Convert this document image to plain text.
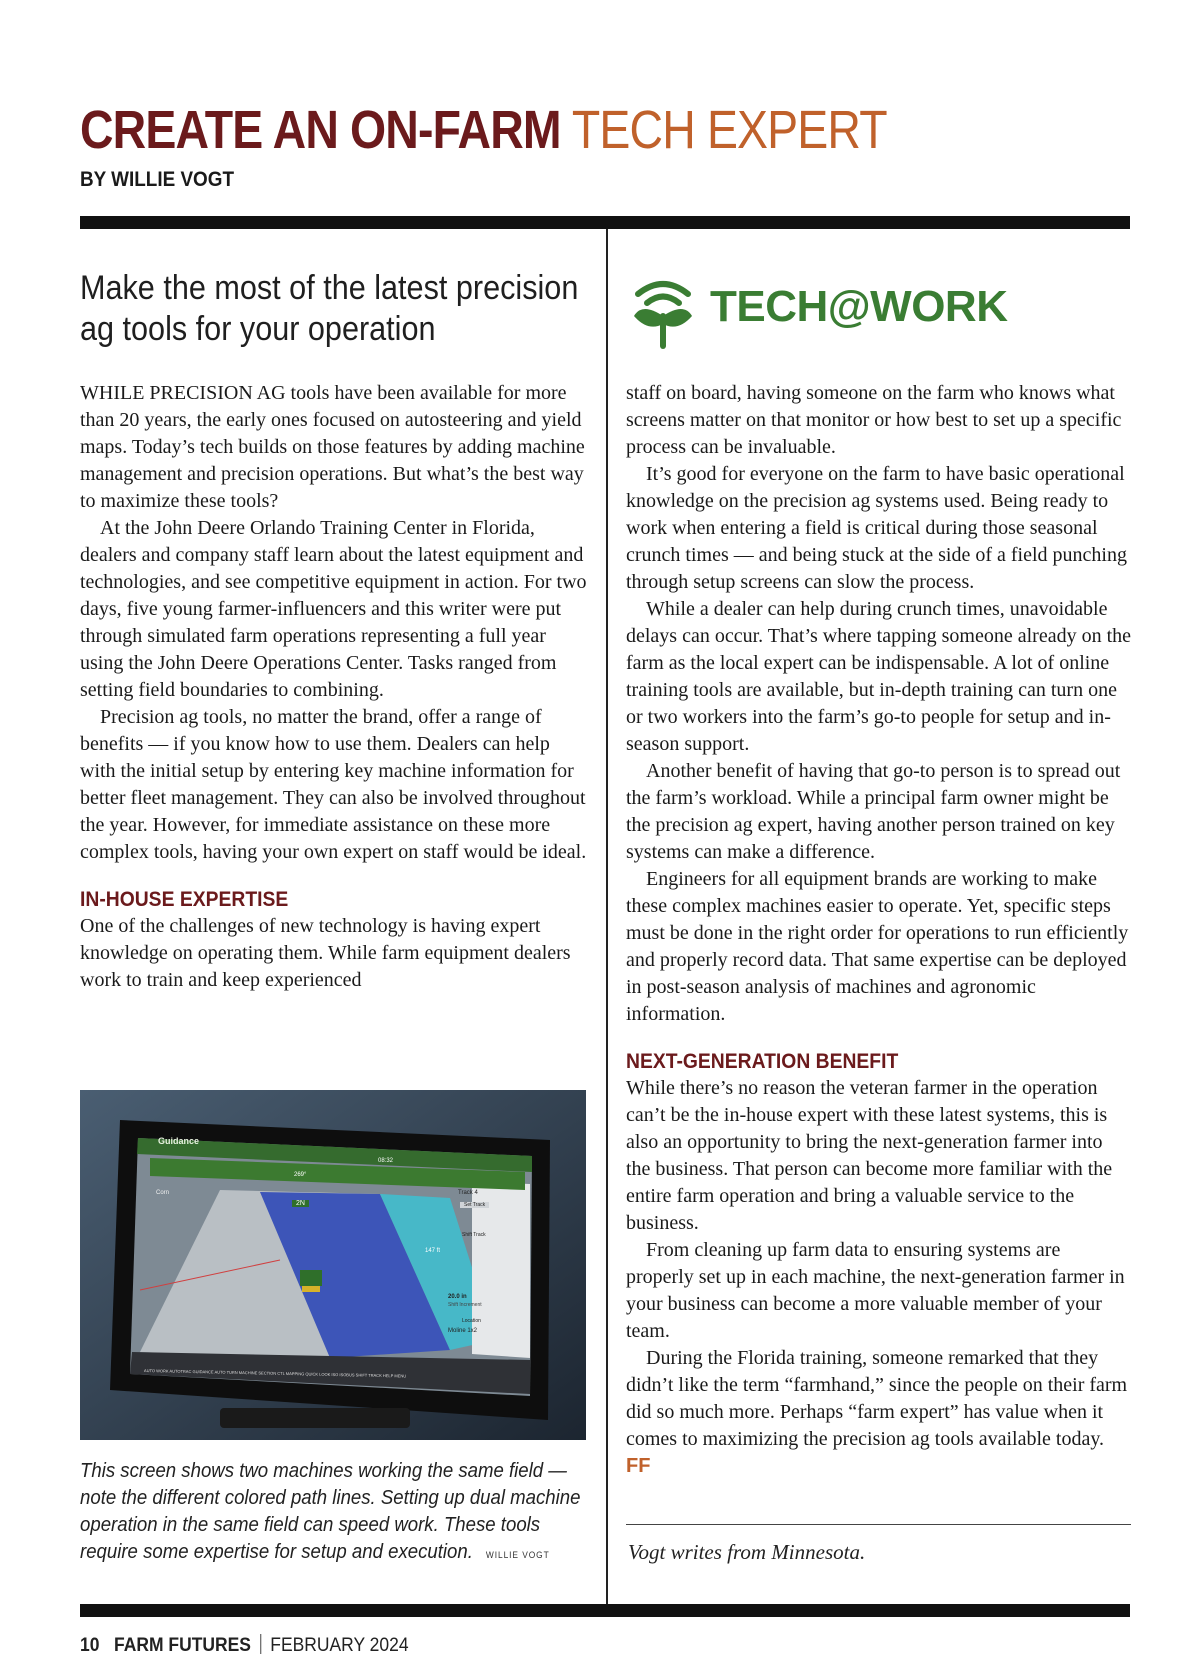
CREATE AN ON-FARM TECH EXPERT
BY WILLIE VOGT
Make the most of the latest precision ag tools for your operation	TECH@WORK

WHILE PRECISION AG tools have been available for more than 20 years, the early ones focused on autosteering and yield maps. Today’s tech builds on those features by adding machine management and precision operations. But what’s the best way to maximize these tools?

At the John Deere Orlando Training Center in Florida, dealers and company staff learn about the latest equipment and technologies, and see competitive equipment in action. For two days, five young farmer-influencers and this writer were put through simulated farm operations representing a full year using the John Deere Operations Center. Tasks ranged from setting field boundaries to combining.

Precision ag tools, no matter the brand, offer a range of benefits — if you know how to use them. Dealers can help with the initial setup by entering key machine information for better fleet management. They can also be involved throughout the year. However, for immediate assistance on these more complex tools, having your own expert on staff would be ideal.

IN-HOUSE EXPERTISE

One of the challenges of new technology is having expert knowledge on operating them. While farm equipment dealers work to train and keep experienced

staff on board, having someone on the farm who knows what screens matter on that monitor or how best to set up a specific process can be invaluable.

It’s good for everyone on the farm to have basic operational knowledge on the precision ag systems used. Being ready to work when entering a field is critical during those seasonal crunch times — and being stuck at the side of a field punching through setup screens can slow the process.

While a dealer can help during crunch times, unavoidable delays can occur. That’s where tapping someone already on the farm as the local expert can be indispensable. A lot of online training tools are available, but in-depth training can turn one or two workers into the farm’s go-to people for setup and in-season support.

Another benefit of having that go-to person is to spread out the farm’s workload. While a principal farm owner might be the precision ag expert, having another person trained on key systems can make a difference.

Engineers for all equipment brands are working to make these complex machines easier to operate. Yet, specific steps must be done in the right order for operations to run efficiently and properly record data. That same expertise can be deployed in post-season analysis of machines and agronomic information.

NEXT-GENERATION BENEFIT

While there’s no reason the veteran farmer in the operation can’t be the in-house expert with these latest systems, this is also an opportunity to bring the next-generation farmer into the business. That person can become more familiar with the entire farm operation and bring a valuable service to the business.

From cleaning up farm data to ensuring systems are properly set up in each machine, the next-generation farmer in your business can become a more valuable member of your team.

During the Florida training, someone remarked that they didn’t like the term “farmhand,” since the people on their farm did so much more. Perhaps “farm expert” has value when it comes to maximizing the precision ag tools available today. FF

Guidance
08:32
269°
2N
Corn
147 ft
Track 4
Set Track
Shift Track
20.0 in
Shift Increment
Location
Moline 1x2
AUTO WORK AUTOTRAC GUIDANCE AUTO TURN MACHINE SECTION CTL MAPPING QUICK LOOK ISO ISOBUS SHIFT TRACK HELP MENU
This screen shows two machines working the same field — note the different colored path lines. Setting up dual machine operation in the same field can speed work. These tools require some expertise for setup and execution. WILLIE VOGT	Vogt writes from Minnesota.
10 FARM FUTURES FEBRUARY 2024
